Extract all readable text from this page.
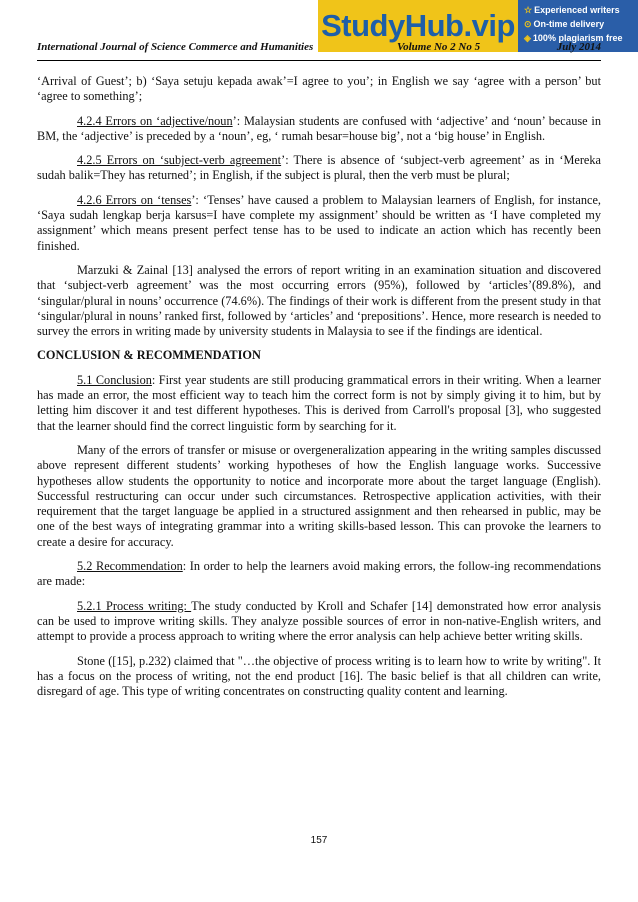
StudyHub.vip	☆ Experienced writers
⊙ On-time delivery
◈ 100% plagiarism free
International Journal of Science Commerce and Humanities	Volume No 2 No 5	July 2014

‘Arrival of Guest’; b) ‘Saya setuju kepada awak’=I agree to you’; in English we say ‘agree with a person’ but ‘agree to something’;

4.2.4 Errors on ‘adjective/noun’: Malaysian students are confused with ‘adjective’ and ‘noun’ because in BM, the ‘adjective’ is preceded by a ‘noun’, eg, ‘ rumah besar=house big’, not a ‘big house’ in English.

4.2.5 Errors on ‘subject-verb agreement’: There is absence of ‘subject-verb agreement’ as in ‘Mereka sudah balik=They has returned’; in English, if the subject is plural, then the verb must be plural;

4.2.6 Errors on ‘tenses’: ‘Tenses’ have caused a problem to Malaysian learners of English, for instance, ‘Saya sudah lengkap berja karsus=I have complete my assignment’ should be written as ‘I have completed my assignment’ which means present perfect tense has to be used to indicate an action which has recently been finished.

Marzuki & Zainal [13] analysed the errors of report writing in an examination situation and discovered that ‘subject-verb agreement’ was the most occurring errors (95%), followed by ‘articles’(89.8%), and ‘singular/plural in nouns’ occurrence (74.6%). The findings of their work is different from the present study in that ‘singular/plural in nouns’ ranked first, followed by ‘articles’ and ‘prepositions’. Hence, more research is needed to survey the errors in writing made by university students in Malaysia to see if the findings are identical.

CONCLUSION & RECOMMENDATION

5.1 Conclusion: First year students are still producing grammatical errors in their writing. When a learner has made an error, the most efficient way to teach him the correct form is not by simply giving it to him, but by letting him discover it and test different hypotheses. This is derived from Carroll's proposal [3], who suggested that the learner should find the correct linguistic form by searching for it.

Many of the errors of transfer or misuse or overgeneralization appearing in the writing samples discussed above represent different students’ working hypotheses of how the English language works. Successive hypotheses allow students the opportunity to notice and incorporate more about the target language (English). Successful restructuring can occur under such circumstances. Retrospective application activities, with their requirement that the target language be applied in a structured assignment and then rehearsed in public, may be one of the best ways of integrating grammar into a writing skills-based lesson. This can provoke the learners to create a desire for accuracy.

5.2 Recommendation: In order to help the learners avoid making errors, the follow-ing recommendations are made:

5.2.1 Process writing: The study conducted by Kroll and Schafer [14] demonstrated how error analysis can be used to improve writing skills. They analyze possible sources of error in non-native-English writers, and attempt to provide a process approach to writing where the error analysis can help achieve better writing skills.

Stone ([15], p.232) claimed that "…the objective of process writing is to learn how to write by writing". It has a focus on the process of writing, not the end product [16]. The basic belief is that all children can write, disregard of age. This type of writing concentrates on constructing quality content and learning.

157
